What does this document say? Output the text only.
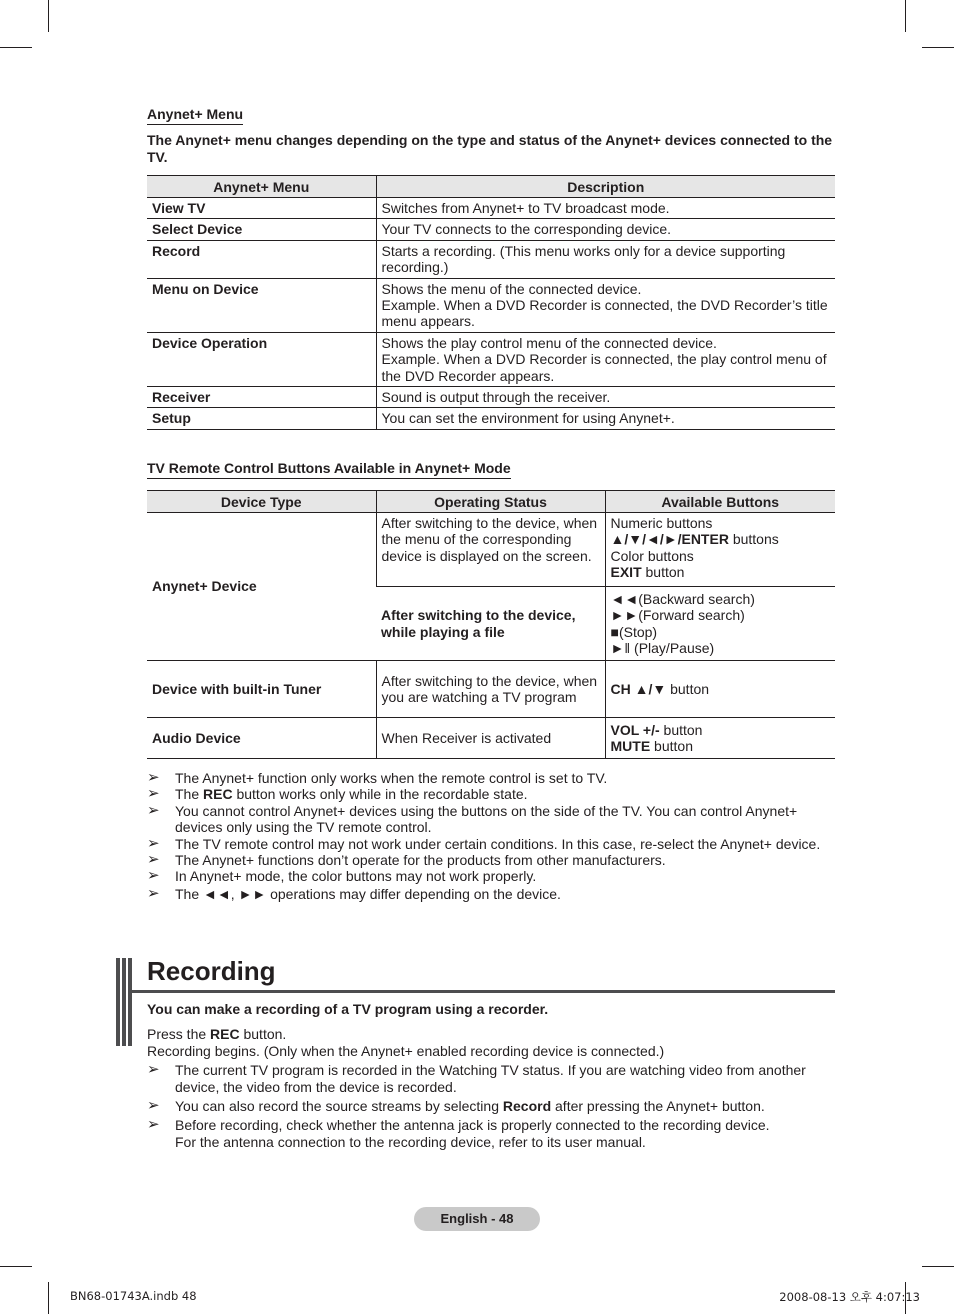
Anynet+ Menu
The Anynet+ menu changes depending on the type and status of the Anynet+ devices connected to the TV.
Anynet+ Menu	Description
View TV	Switches from Anynet+ to TV broadcast mode.
Select Device	Your TV connects to the corresponding device.
Record	Starts a recording. (This menu works only for a device supporting recording.)
Menu on Device	Shows the menu of the connected device.
Example. When a DVD Recorder is connected, the DVD Recorder’s title menu appears.

Device Operation	Shows the play control menu of the connected device.
Example. When a DVD Recorder is connected, the play control menu of the DVD Recorder appears.

Receiver	Sound is output through the receiver.
Setup	You can set the environment for using Anynet+.
TV Remote Control Buttons Available in Anynet+ Mode
Device Type	Operating Status	Available Buttons
Anynet+ Device	After switching to the device, when the menu of the corresponding device is displayed on the screen.	Numeric buttons
▲/▼/◄/►/ENTER buttons
Color buttons
EXIT button

	After switching to the device, while playing a file	◄◄(Backward search)
►►(Forward search)
■(Stop)
►ǁ (Play/Pause)

Device with built-in Tuner	After switching to the device, when you are watching a TV program	CH ▲/▼ button
Audio Device	When Receiver is activated	VOL +/- button
MUTE button
➢ The Anynet+ function only works when the remote control is set to TV.
➢ The REC button works only while in the recordable state.
➢ You cannot control Anynet+ devices using the buttons on the side of the TV. You can control Anynet+ devices only using the TV remote control.
➢ The TV remote control may not work under certain conditions. In this case, re-select the Anynet+ device.
➢ The Anynet+ functions don’t operate for the products from other manufacturers.
➢ In Anynet+ mode, the color buttons may not work properly.
➢ The ◄◄, ►► operations may differ depending on the device.
Recording
You can make a recording of a TV program using a recorder.
Press the REC button.
Recording begins. (Only when the Anynet+ enabled recording device is connected.)
➢ The current TV program is recorded in the Watching TV status. If you are watching video from another device, the video from the device is recorded.
➢ You can also record the source streams by selecting Record after pressing the Anynet+ button.
➢ Before recording, check whether the antenna jack is properly connected to the recording device.
For the antenna connection to the recording device, refer to its user manual.
English - 48
BN68-01743A.indb 48	2008-08-13 오후 4:07:13
